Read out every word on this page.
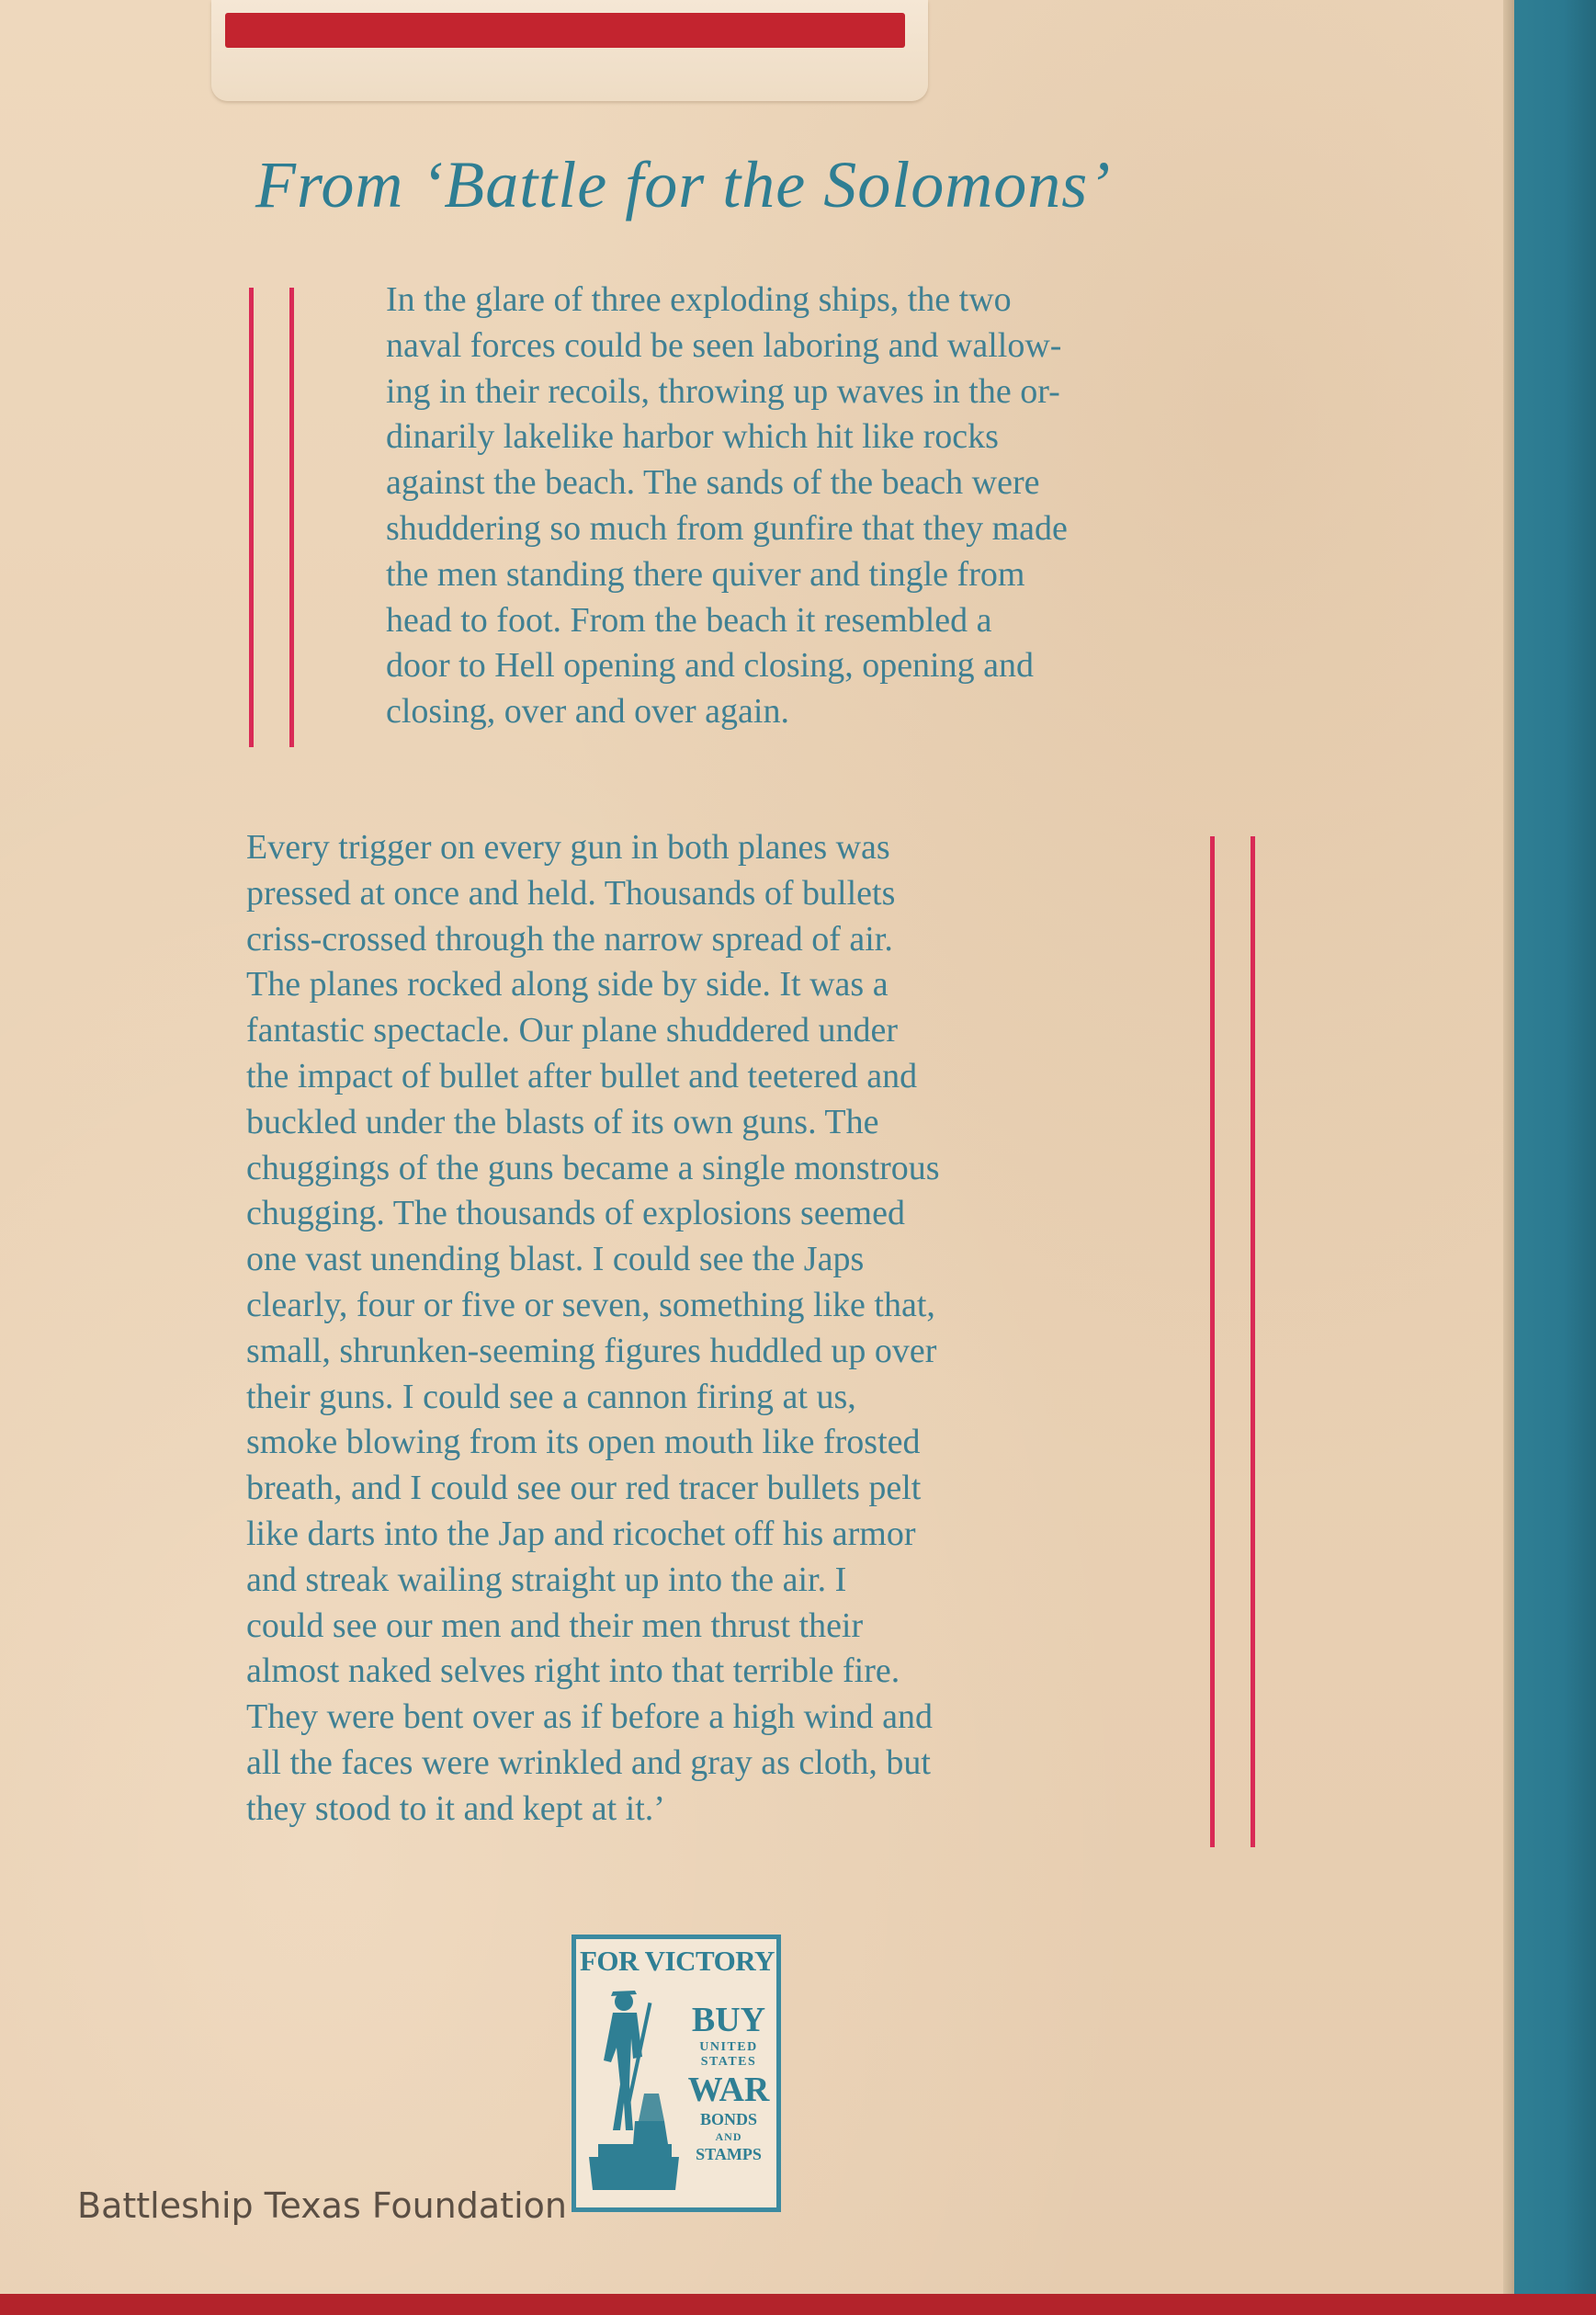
From ‘Battle for the Solomons’
In the glare of three exploding ships, the two
naval forces could be seen laboring and wallow-
ing in their recoils, throwing up waves in the or-
dinarily lakelike harbor which hit like rocks
against the beach. The sands of the beach were
shuddering so much from gunfire that they made
the men standing there quiver and tingle from
head to foot. From the beach it resembled a
door to Hell opening and closing, opening and
closing, over and over again.
Every trigger on every gun in both planes was
pressed at once and held. Thousands of bullets
criss-crossed through the narrow spread of air.
The planes rocked along side by side. It was a
fantastic spectacle. Our plane shuddered under
the impact of bullet after bullet and teetered and
buckled under the blasts of its own guns. The
chuggings of the guns became a single monstrous
chugging. The thousands of explosions seemed
one vast unending blast. I could see the Japs
clearly, four or five or seven, something like that,
small, shrunken-seeming figures huddled up over
their guns. I could see a cannon firing at us,
smoke blowing from its open mouth like frosted
breath, and I could see our red tracer bullets pelt
like darts into the Jap and ricochet off his armor
and streak wailing straight up into the air. I
could see our men and their men thrust their
almost naked selves right into that terrible fire.
They were bent over as if before a high wind and
all the faces were wrinkled and gray as cloth, but
they stood to it and kept at it.’
FOR VICTORY
BUY
UNITED
STATES
WAR
BONDS
AND
STAMPS
Battleship Texas Foundation
